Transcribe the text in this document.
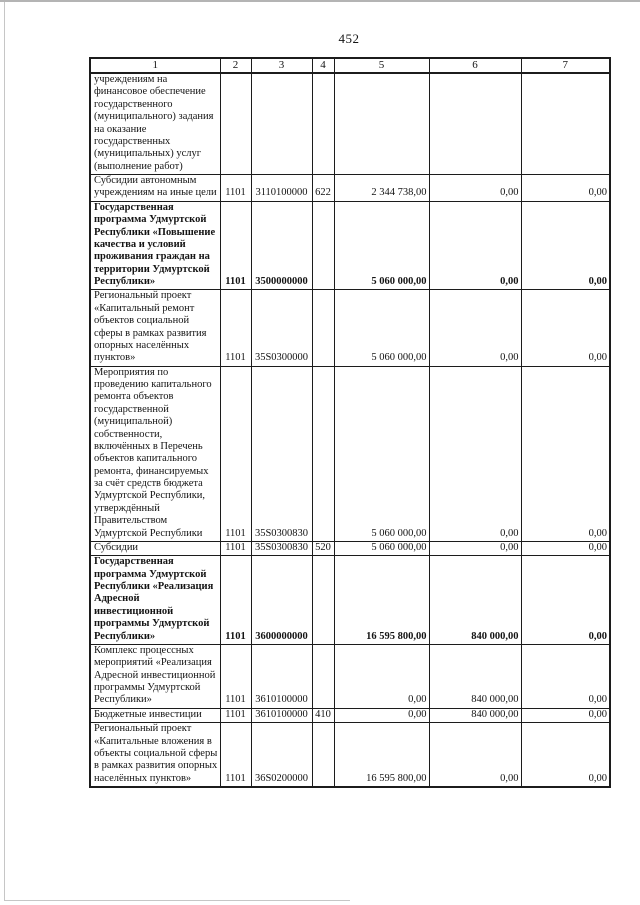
452
1	2	3	4	5	6	7
учреждениям на финансовое обеспечение государственного (муниципального) задания на оказание государственных (муниципальных) услуг (выполнение работ)						
Субсидии автономным учреждениям на иные цели	1101	3110100000	622	2 344 738,00	0,00	0,00
Государственная программа Удмуртской Республики «Повышение качества и условий проживания граждан на территории Удмуртской Республики»	1101	3500000000		5 060 000,00	0,00	0,00
Региональный проект «Капитальный ремонт объектов социальной сферы в рамках развития опорных населённых пунктов»	1101	35S0300000		5 060 000,00	0,00	0,00
Мероприятия по проведению капитального ремонта объектов государственной (муниципальной) собственности, включённых в Перечень объектов капитального ремонта, финансируемых за счёт средств бюджета Удмуртской Республики, утверждённый Правительством Удмуртской Республики	1101	35S0300830		5 060 000,00	0,00	0,00
Субсидии	1101	35S0300830	520	5 060 000,00	0,00	0,00
Государственная программа Удмуртской Республики «Реализация Адресной инвестиционной программы Удмуртской Республики»	1101	3600000000		16 595 800,00	840 000,00	0,00
Комплекс процессных мероприятий «Реализация Адресной инвестиционной программы Удмуртской Республики»	1101	3610100000		0,00	840 000,00	0,00
Бюджетные инвестиции	1101	3610100000	410	0,00	840 000,00	0,00
Региональный проект «Капитальные вложения в объекты социальной сферы в рамках развития опорных населённых пунктов»	1101	36S0200000		16 595 800,00	0,00	0,00
